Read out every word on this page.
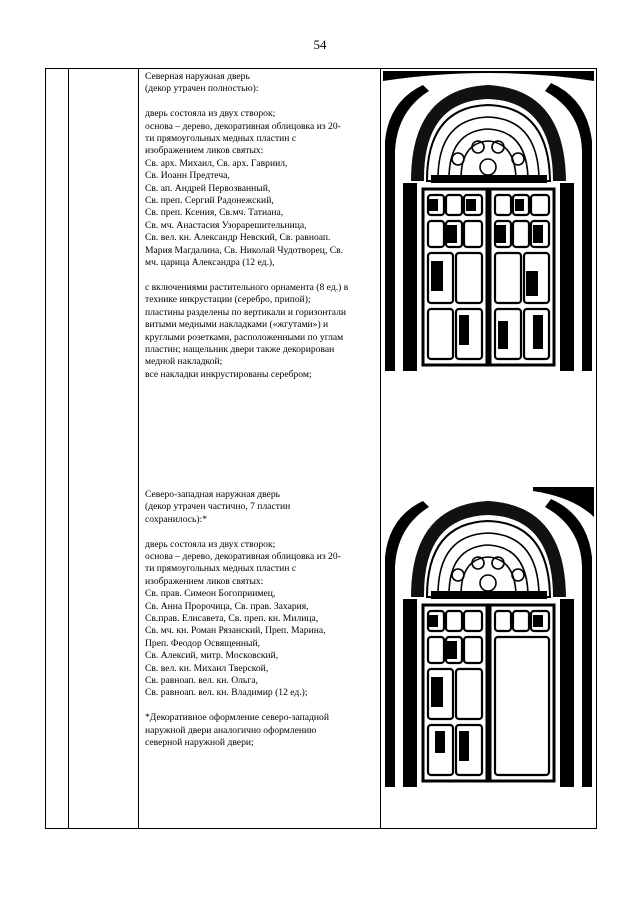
54
Северная наружная дверь
(декор утрачен полностью):
дверь состояла из двух створок;
основа – дерево, декоративная облицовка из 20-
ти прямоугольных медных пластин с
изображением ликов святых:
Св. арх. Михаил, Св. арх. Гавриил,
Св. Иоанн Предтеча,
Св. ап. Андрей Первозванный,
Св. преп. Сергий Радонежский,
Св. преп. Ксения, Св.мч. Татиана,
Св. мч. Анастасия Узорарешительница,
Св. вел. кн. Александр Невский, Св. равноап.
Мария Магдалина, Св. Николай Чудотворец, Св.
мч. царица Александра (12 ед.),
с включениями растительного орнамента (8 ед.) в
технике инкрустации (серебро, припой);
пластины разделены по вертикали и горизонтали
витыми медными накладками («жгутами») и
круглыми розетками, расположенными по углам
пластин; нащельник двери также декорирован
медной накладкой;
все накладки инкрустированы серебром;
Северо-западная наружная дверь
(декор утрачен частично, 7 пластин
сохранилось):*
дверь состояла из двух створок;
основа – дерево, декоративная облицовка из 20-
ти прямоугольных медных пластин с
изображением ликов святых:
Св. прав. Симеон Богоприимец,
Св. Анна Пророчица, Св. прав. Захария,
Св.прав. Елисавета, Св. преп. кн. Милица,
Св. мч. кн. Роман Рязанский, Преп. Марина,
Преп. Феодор Освященный,
Св. Алексий, митр. Московский,
Св. вел. кн. Михаил Тверской,
Св. равноап. вел. кн. Ольга,
Св. равноап. вел. кн. Владимир (12 ед.);
*Декоративное оформление северо-западной
наружной двери аналогично оформлению
северной наружной двери;
